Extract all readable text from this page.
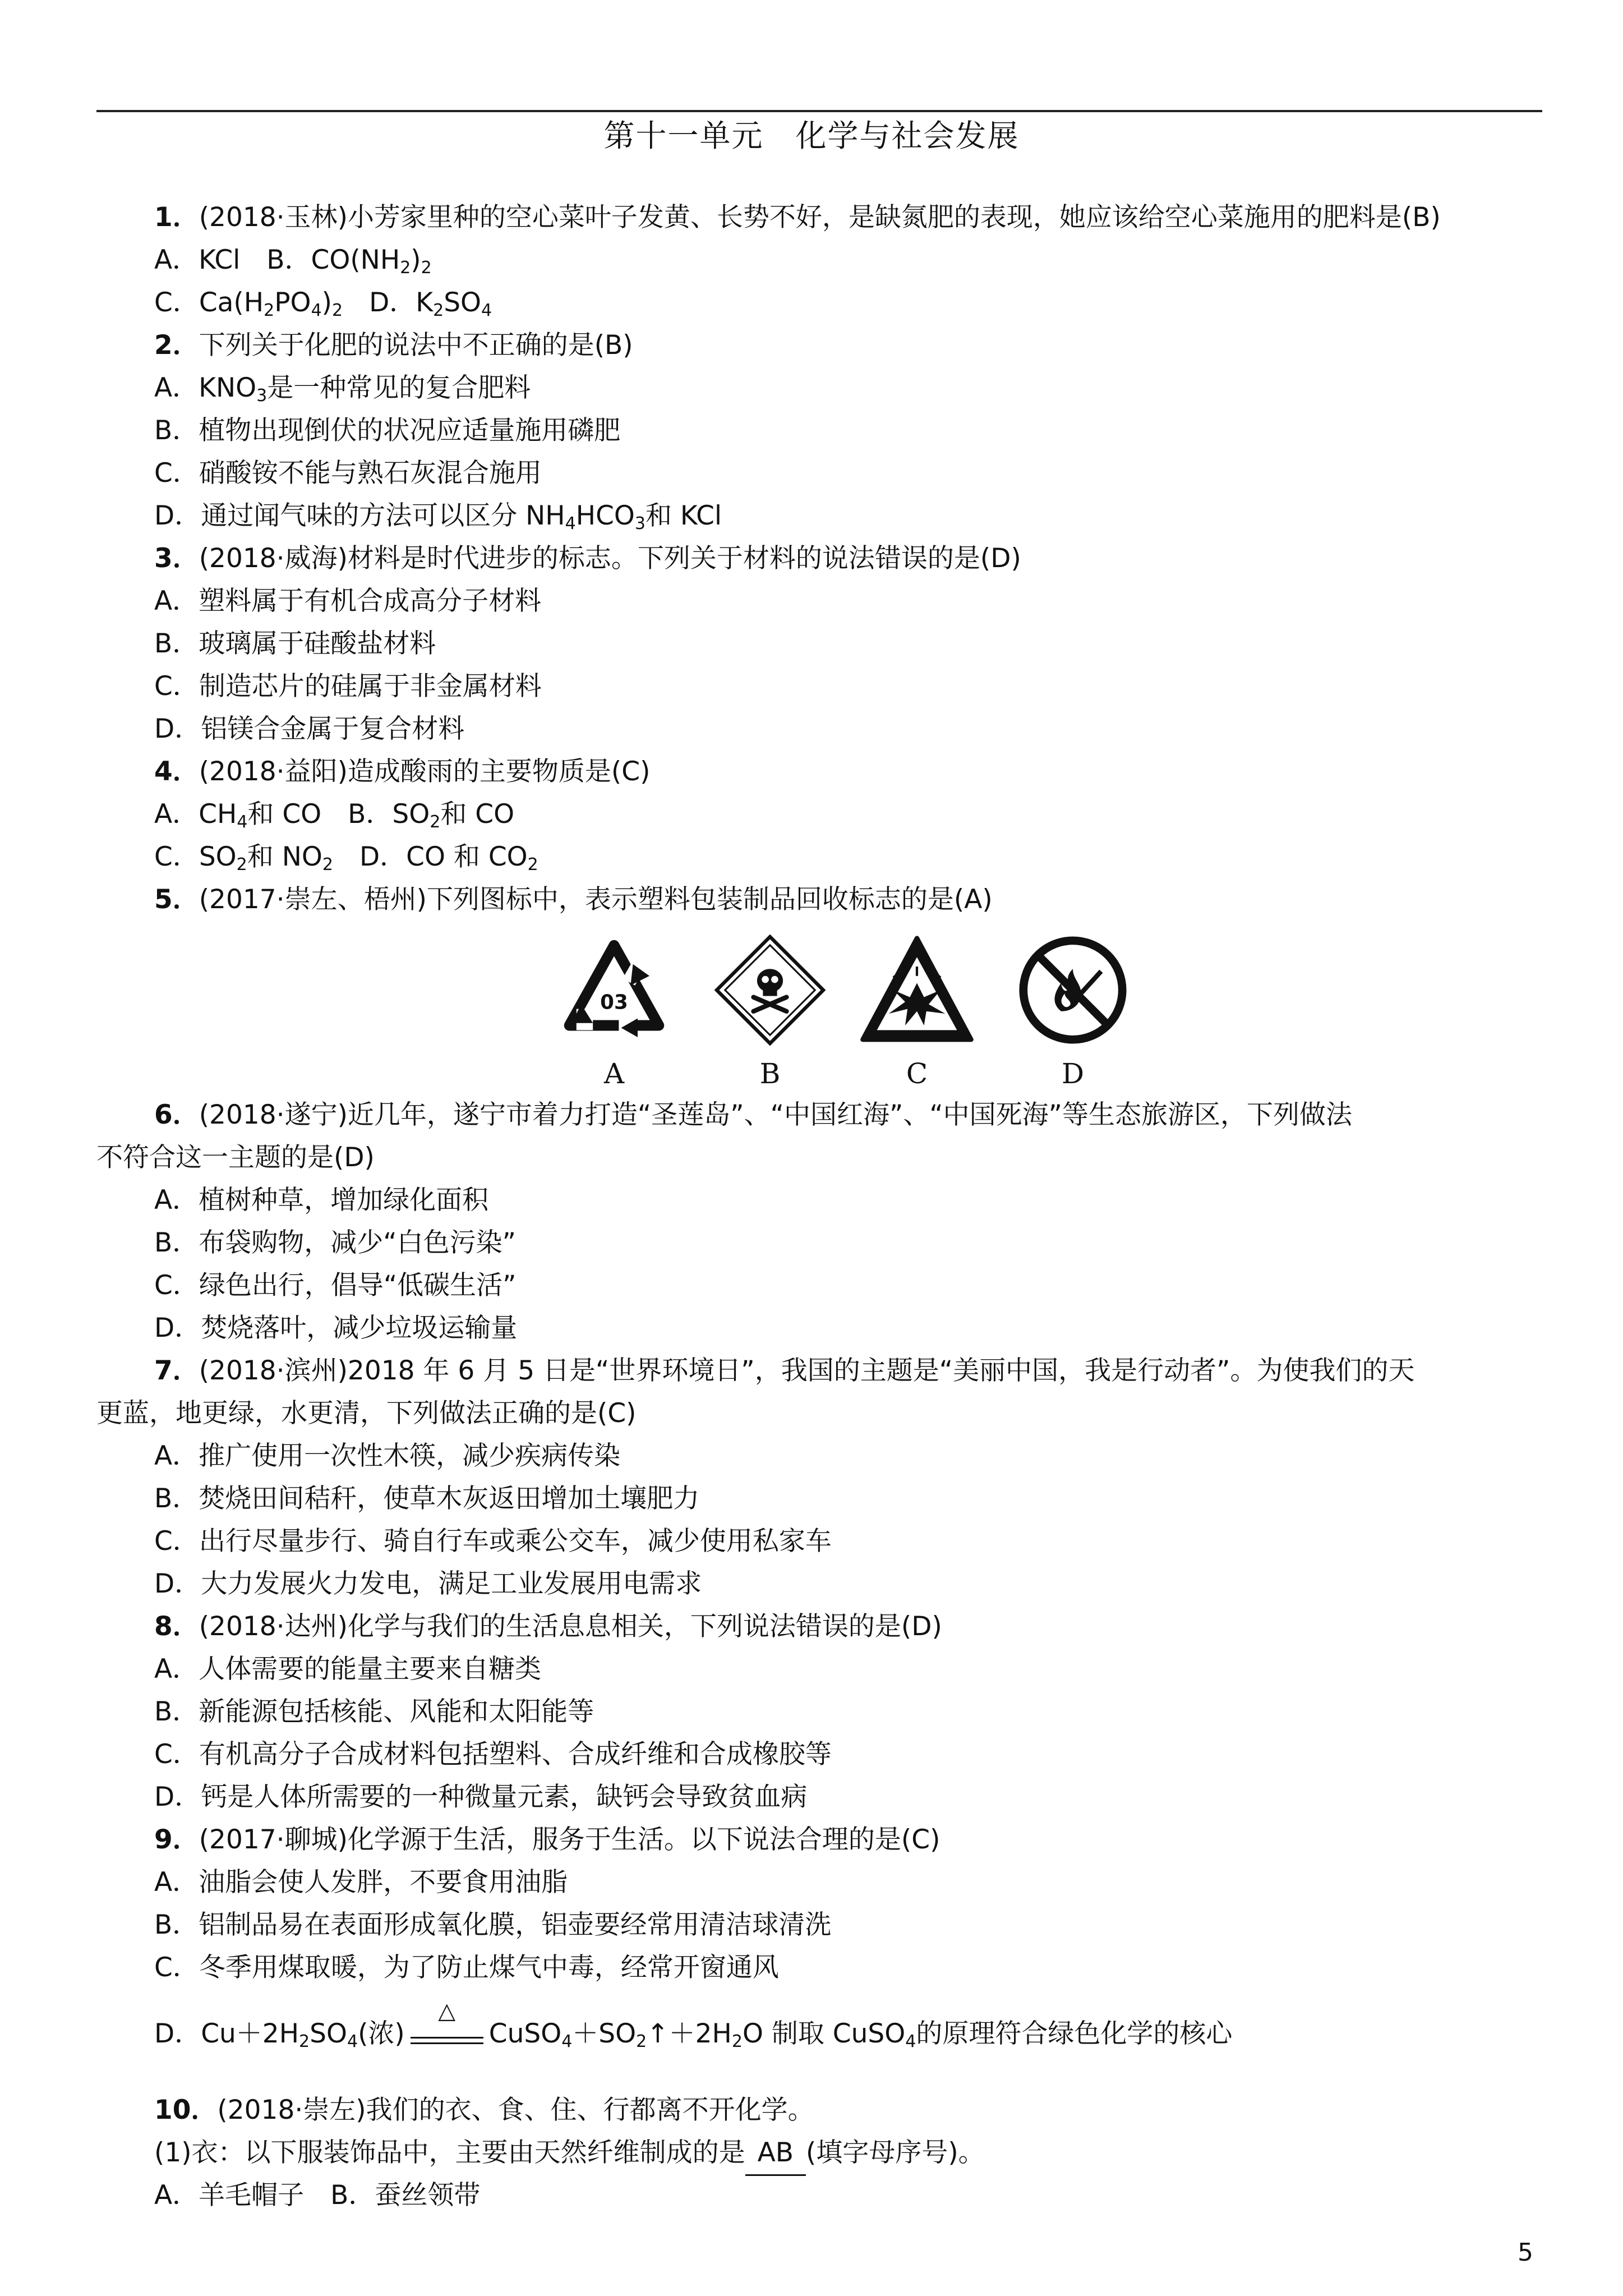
第十一单元　化学与社会发展
1．(2018·玉林)小芳家里种的空心菜叶子发黄、长势不好，是缺氮肥的表现，她应该给空心菜施用的肥料是(B)
A．KCl　 B．$CO(NH_2)_2$
C．$Ca(H_2PO_4)_2$　 D．$K_2SO_4$
2．下列关于化肥的说法中不正确的是(B)
A．$KNO_3$是一种常见的复合肥料
B．植物出现倒伏的状况应适量施用磷肥
C．硝酸铵不能与熟石灰混合施用
D．通过闻气味的方法可以区分 $NH_4HCO_3$和 KCl
3．(2018·威海)材料是时代进步的标志。下列关于材料的说法错误的是(D)
A．塑料属于有机合成高分子材料
B．玻璃属于硅酸盐材料
C．制造芯片的硅属于非金属材料
D．铝镁合金属于复合材料
4．(2018·益阳)造成酸雨的主要物质是(C)
A．$CH_4$和 CO　 B．$SO_2$和 CO
C．$SO_2$和 $NO_2$　 D．CO 和 $CO_2$
5．(2017·崇左、梧州)下列图标中，表示塑料包装制品回收标志的是(A)
03
A	B	C	D
6．(2018·遂宁)近几年，遂宁市着力打造“圣莲岛”、“中国红海”、“中国死海”等生态旅游区，下列做法
不符合这一主题的是(D)
A．植树种草，增加绿化面积
B．布袋购物，减少“白色污染”
C．绿色出行，倡导“低碳生活”
D．焚烧落叶，减少垃圾运输量
7．(2018·滨州)2018 年 6 月 5 日是“世界环境日”，我国的主题是“美丽中国，我是行动者”。为使我们的天
更蓝，地更绿，水更清，下列做法正确的是(C)
A．推广使用一次性木筷，减少疾病传染
B．焚烧田间秸秆，使草木灰返田增加土壤肥力
C．出行尽量步行、骑自行车或乘公交车，减少使用私家车
D．大力发展火力发电，满足工业发展用电需求
8．(2018·达州)化学与我们的生活息息相关，下列说法错误的是(D)
A．人体需要的能量主要来自糖类
B．新能源包括核能、风能和太阳能等
C．有机高分子合成材料包括塑料、合成纤维和合成橡胶等
D．钙是人体所需要的一种微量元素，缺钙会导致贫血病
9．(2017·聊城)化学源于生活，服务于生活。以下说法合理的是(C)
A．油脂会使人发胖，不要食用油脂
B．铝制品易在表面形成氧化膜，铝壶要经常用清洁球清洗
C．冬季用煤取暖，为了防止煤气中毒，经常开窗通风
D．$Cu+2H_2SO_4$(浓)
△
$CuSO_4+SO_2↑+2H_2O$ 制取 CuSO$_4$的原理符合绿色化学的核心
10．(2018·崇左)我们的衣、食、住、行都离不开化学。
(1)衣：以下服装饰品中，主要由天然纤维制成的是 AB (填字母序号)。
A．羊毛帽子　 B．蚕丝领带
5
